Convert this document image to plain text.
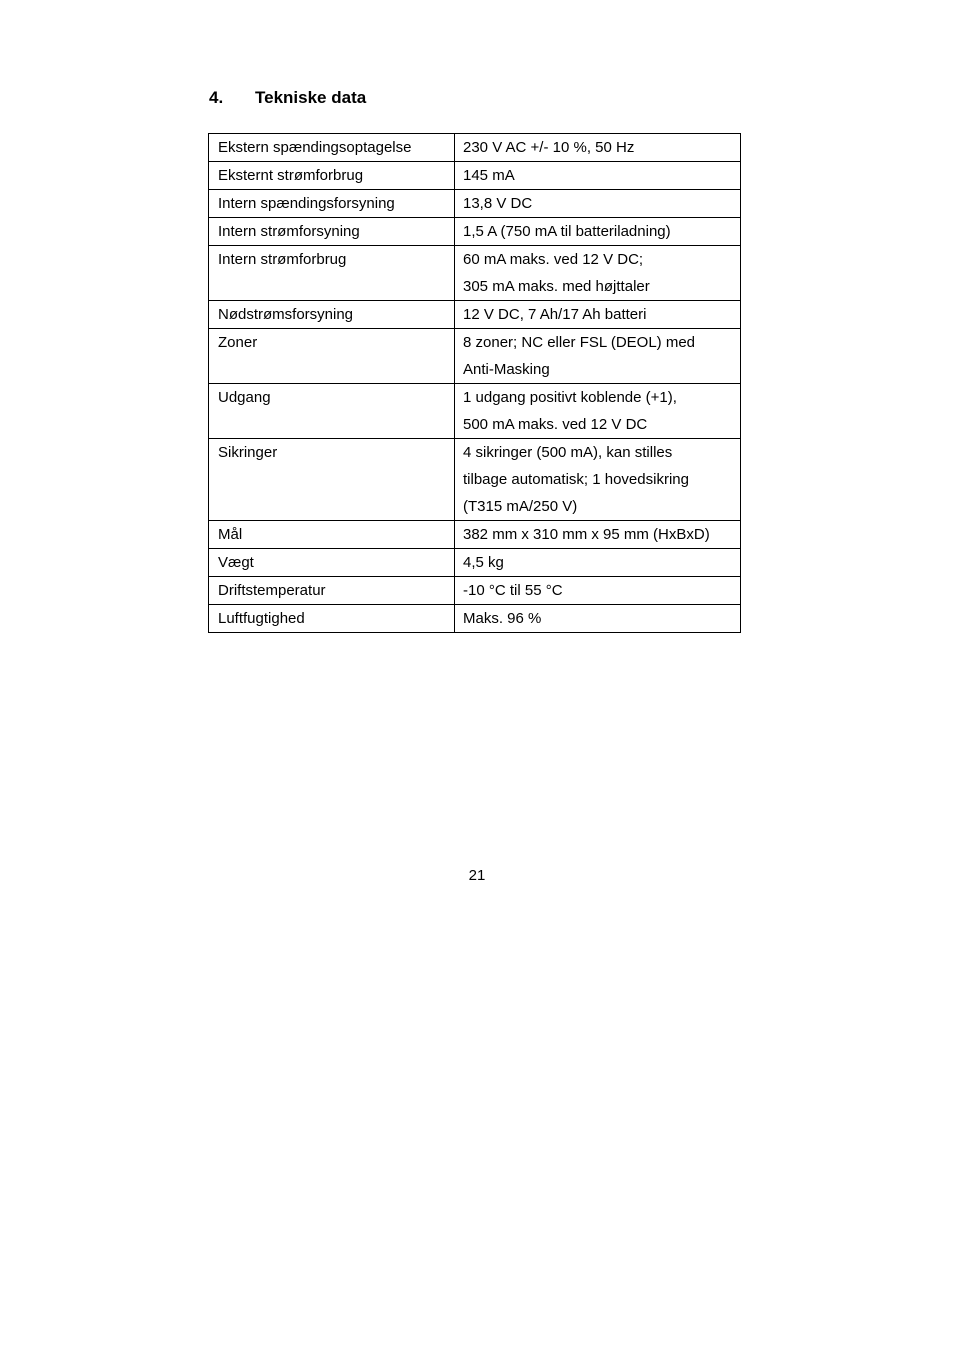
4. Tekniske data
Ekstern spændingsoptagelse	230 V AC +/- 10 %, 50 Hz

Eksternt strømforbrug	145 mA

Intern spændingsforsyning	13,8 V DC

Intern strømforsyning	1,5 A (750 mA til batteriladning)

Intern strømforbrug	60 mA maks. ved 12 V DC;
305 mA maks. med højttaler

Nødstrømsforsyning	12 V DC, 7 Ah/17 Ah batteri

Zoner	8 zoner; NC eller FSL (DEOL) med
Anti-Masking

Udgang	1 udgang positivt koblende (+1),
500 mA maks. ved 12 V DC

Sikringer	4 sikringer (500 mA), kan stilles
tilbage automatisk; 1 hovedsikring
(T315 mA/250 V)

Mål	382 mm x 310 mm x 95 mm (HxBxD)

Vægt	4,5 kg

Driftstemperatur	-10 °C til 55 °C

Luftfugtighed	Maks. 96 %
21
